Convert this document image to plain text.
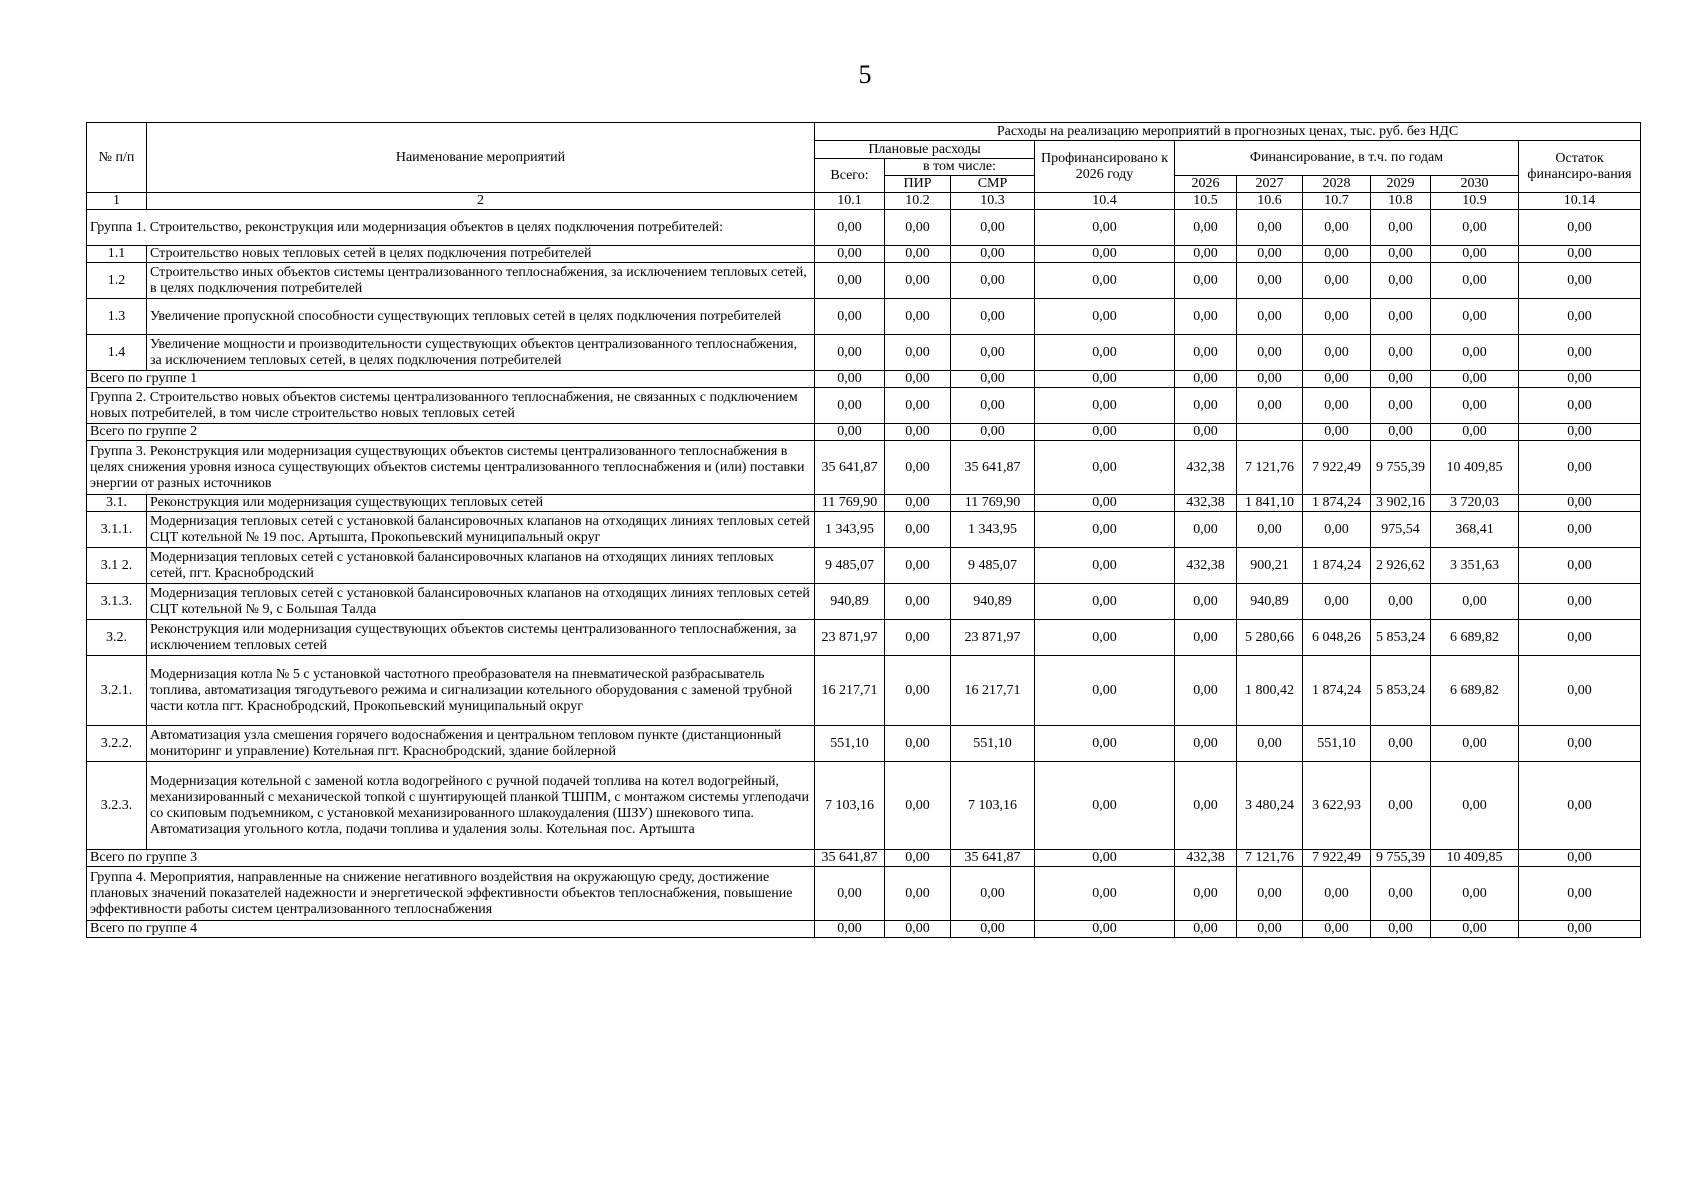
5
№ п/п	Наименование мероприятий	Расходы на реализацию мероприятий в прогнозных ценах, тыс. руб. без НДС									
		Плановые расходы			Профинансировано к 2026 году	Финансирование, в т.ч. по годам					Остаток финансиро-вания
		Всего:	в том числе:								
			ПИР	СМР		2026	2027	2028	2029	2030	
1	2	10.1	10.2	10.3	10.4	10.5	10.6	10.7	10.8	10.9	10.14
Группа 1. Строительство, реконструкция или модернизация объектов в целях подключения потребителей:		0,00	0,00	0,00	0,00	0,00	0,00	0,00	0,00	0,00	0,00
1.1	Строительство новых тепловых сетей в целях подключения потребителей	0,00	0,00	0,00	0,00	0,00	0,00	0,00	0,00	0,00	0,00
1.2	Строительство иных объектов системы централизованного теплоснабжения, за исключением тепловых сетей, в целях подключения потребителей	0,00	0,00	0,00	0,00	0,00	0,00	0,00	0,00	0,00	0,00
1.3	Увеличение пропускной способности существующих тепловых сетей в целях подключения потребителей	0,00	0,00	0,00	0,00	0,00	0,00	0,00	0,00	0,00	0,00
1.4	Увеличение мощности и производительности существующих объектов централизованного теплоснабжения, за исключением тепловых сетей, в целях подключения потребителей	0,00	0,00	0,00	0,00	0,00	0,00	0,00	0,00	0,00	0,00
Всего по группе 1		0,00	0,00	0,00	0,00	0,00	0,00	0,00	0,00	0,00	0,00
Группа 2. Строительство новых объектов системы централизованного теплоснабжения, не связанных с подключением новых потребителей, в том числе строительство новых тепловых сетей		0,00	0,00	0,00	0,00	0,00	0,00	0,00	0,00	0,00	0,00
Всего по группе 2		0,00	0,00	0,00	0,00	0,00		0,00	0,00	0,00	0,00
Группа 3. Реконструкция или модернизация существующих объектов системы централизованного теплоснабжения в целях снижения уровня износа существующих объектов системы централизованного теплоснабжения и (или) поставки энергии от разных источников		35 641,87	0,00	35 641,87	0,00	432,38	7 121,76	7 922,49	9 755,39	10 409,85	0,00
3.1.	Реконструкция или модернизация существующих тепловых сетей	11 769,90	0,00	11 769,90	0,00	432,38	1 841,10	1 874,24	3 902,16	3 720,03	0,00
3.1.1.	Модернизация тепловых сетей с установкой балансировочных клапанов на отходящих линиях тепловых сетей СЦТ котельной № 19 пос. Артышта, Прокопьевский муниципальный округ	1 343,95	0,00	1 343,95	0,00	0,00	0,00	0,00	975,54	368,41	0,00
3.1 2.	Модернизация тепловых сетей с установкой балансировочных клапанов на отходящих линиях тепловых сетей, пгт. Краснобродский	9 485,07	0,00	9 485,07	0,00	432,38	900,21	1 874,24	2 926,62	3 351,63	0,00
3.1.3.	Модернизация тепловых сетей с установкой балансировочных клапанов на отходящих линиях тепловых сетей СЦТ котельной № 9, с Большая Талда	940,89	0,00	940,89	0,00	0,00	940,89	0,00	0,00	0,00	0,00
3.2.	Реконструкция или модернизация существующих объектов системы централизованного теплоснабжения, за исключением тепловых сетей	23 871,97	0,00	23 871,97	0,00	0,00	5 280,66	6 048,26	5 853,24	6 689,82	0,00
3.2.1.	Модернизация котла № 5 с установкой частотного преобразователя на пневматической разбрасыватель топлива, автоматизация тягодутьевого режима и сигнализации котельного оборудования с заменой трубной части котла пгт. Краснобродский, Прокопьевский муниципальный округ	16 217,71	0,00	16 217,71	0,00	0,00	1 800,42	1 874,24	5 853,24	6 689,82	0,00
3.2.2.	Автоматизация узла смешения горячего водоснабжения и центральном тепловом пункте (дистанционный мониторинг и управление) Котельная пгт. Краснобродский, здание бойлерной	551,10	0,00	551,10	0,00	0,00	0,00	551,10	0,00	0,00	0,00
3.2.3.	Модернизация котельной с заменой котла водогрейного с ручной подачей топлива на котел водогрейный, механизированный с механической топкой с шунтирующей планкой ТШПМ, с монтажом системы углеподачи со скиповым подъемником, с установкой механизированного шлакоудаления (ШЗУ) шнекового типа. Автоматизация угольного котла, подачи топлива и удаления золы. Котельная пос. Артышта	7 103,16	0,00	7 103,16	0,00	0,00	3 480,24	3 622,93	0,00	0,00	0,00
Всего по группе 3		35 641,87	0,00	35 641,87	0,00	432,38	7 121,76	7 922,49	9 755,39	10 409,85	0,00
Группа 4. Мероприятия, направленные на снижение негативного воздействия на окружающую среду, достижение плановых значений показателей надежности и энергетической эффективности объектов теплоснабжения, повышение эффективности работы систем централизованного теплоснабжения		0,00	0,00	0,00	0,00	0,00	0,00	0,00	0,00	0,00	0,00
Всего по группе 4		0,00	0,00	0,00	0,00	0,00	0,00	0,00	0,00	0,00	0,00
